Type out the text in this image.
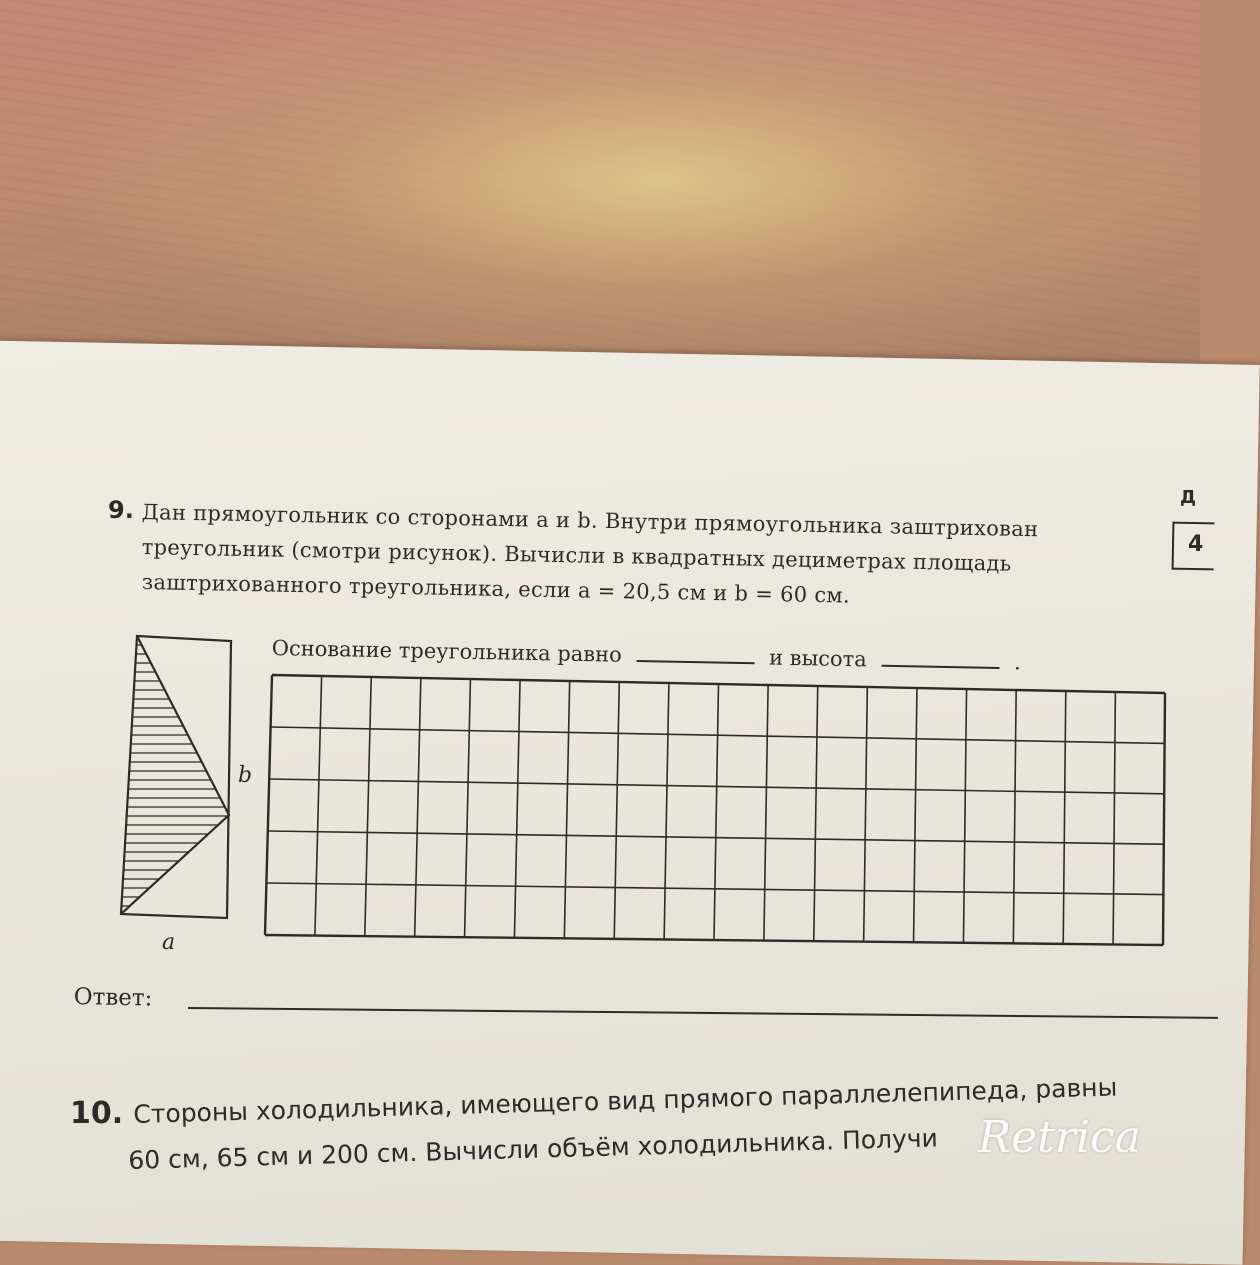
Д
4
9. Дан прямоугольник со сторонами a и b. Внутри прямоугольника заштрихован
треугольник (смотри рисунок). Вычисли в квадратных дециметрах площадь
заштрихованного треугольника, если a = 20,5 см и b = 60 см.
Основание треугольника равно	и высота	.
b
a
Ответ:
10. Стороны холодильника, имеющего вид прямого параллелепипеда, равны
60 см, 65 см и 200 см. Вычисли объём холодильника. Получи Retrica
